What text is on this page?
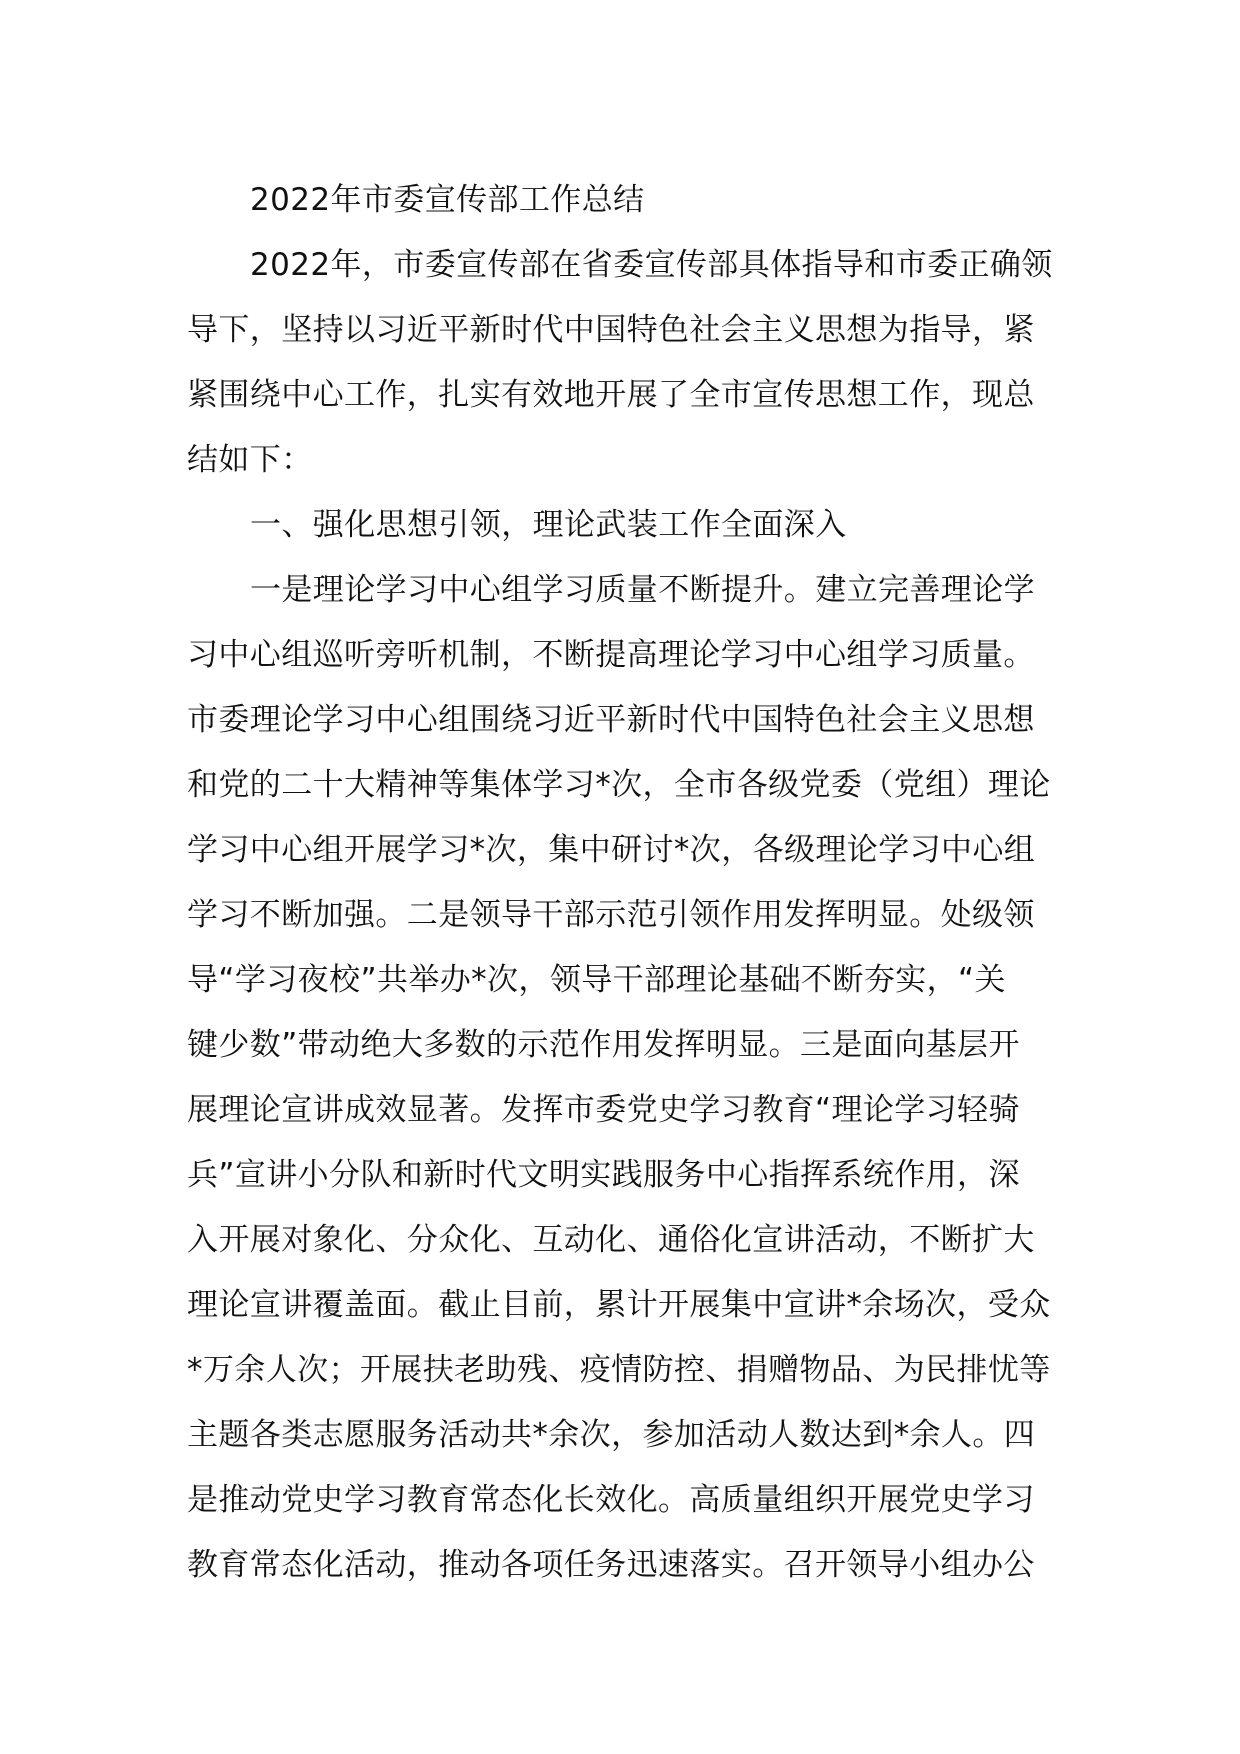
2022年市委宣传部工作总结
2022年，市委宣传部在省委宣传部具体指导和市委正确领
导下，坚持以习近平新时代中国特色社会主义思想为指导，紧
紧围绕中心工作，扎实有效地开展了全市宣传思想工作，现总
结如下：
一、强化思想引领，理论武装工作全面深入
一是理论学习中心组学习质量不断提升。建立完善理论学
习中心组巡听旁听机制，不断提高理论学习中心组学习质量。
市委理论学习中心组围绕习近平新时代中国特色社会主义思想
和党的二十大精神等集体学习*次，全市各级党委（党组）理论
学习中心组开展学习*次，集中研讨*次，各级理论学习中心组
学习不断加强。二是领导干部示范引领作用发挥明显。处级领
导“学习夜校”共举办*次，领导干部理论基础不断夯实，“关
键少数”带动绝大多数的示范作用发挥明显。三是面向基层开
展理论宣讲成效显著。发挥市委党史学习教育“理论学习轻骑
兵”宣讲小分队和新时代文明实践服务中心指挥系统作用，深
入开展对象化、分众化、互动化、通俗化宣讲活动，不断扩大
理论宣讲覆盖面。截止目前，累计开展集中宣讲*余场次，受众
*万余人次；开展扶老助残、疫情防控、捐赠物品、为民排忧等
主题各类志愿服务活动共*余次，参加活动人数达到*余人。四
是推动党史学习教育常态化长效化。高质量组织开展党史学习
教育常态化活动，推动各项任务迅速落实。召开领导小组办公
